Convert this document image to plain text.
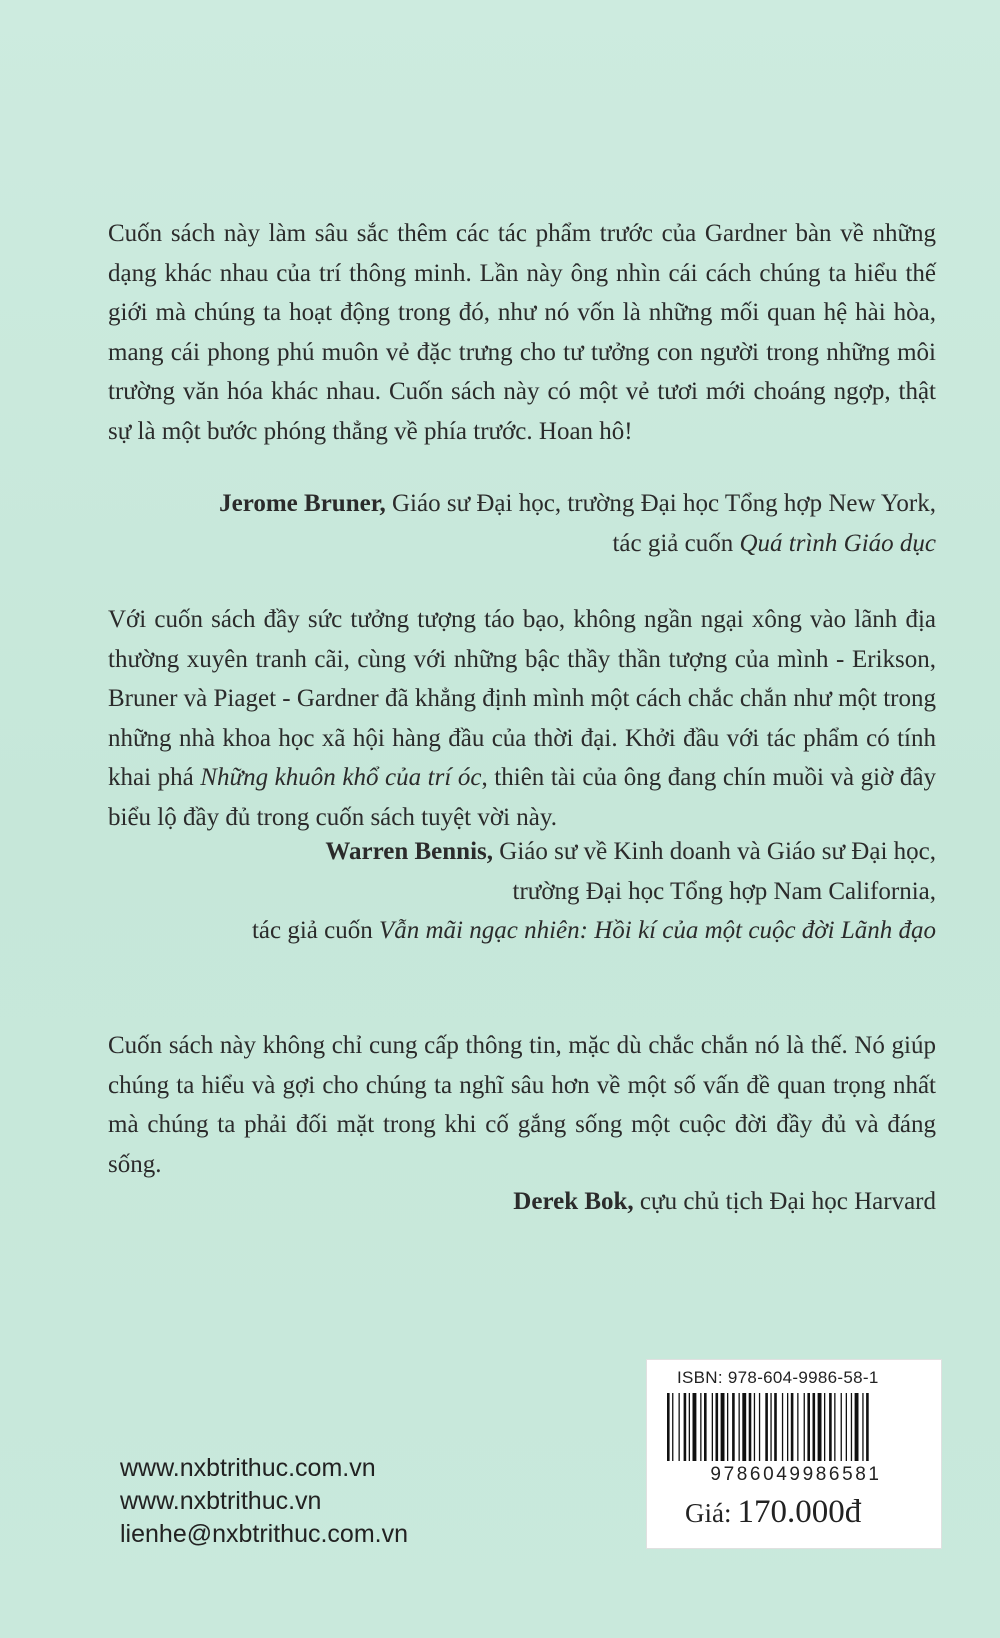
Cuốn sách này làm sâu sắc thêm các tác phẩm trước của Gardner bàn về những dạng khác nhau của trí thông minh. Lần này ông nhìn cái cách chúng ta hiểu thế giới mà chúng ta hoạt động trong đó, như nó vốn là những mối quan hệ hài hòa, mang cái phong phú muôn vẻ đặc trưng cho tư tưởng con người trong những môi trường văn hóa khác nhau. Cuốn sách này có một vẻ tươi mới choáng ngợp, thật sự là một bước phóng thẳng về phía trước. Hoan hô!
Jerome Bruner, Giáo sư Đại học, trường Đại học Tổng hợp New York,
tác giả cuốn Quá trình Giáo dục
Với cuốn sách đầy sức tưởng tượng táo bạo, không ngần ngại xông vào lãnh địa thường xuyên tranh cãi, cùng với những bậc thầy thần tượng của mình - Erikson, Bruner và Piaget - Gardner đã khẳng định mình một cách chắc chắn như một trong những nhà khoa học xã hội hàng đầu của thời đại. Khởi đầu với tác phẩm có tính khai phá Những khuôn khổ của trí óc, thiên tài của ông đang chín muồi và giờ đây biểu lộ đầy đủ trong cuốn sách tuyệt vời này.
Warren Bennis, Giáo sư về Kinh doanh và Giáo sư Đại học,
trường Đại học Tổng hợp Nam California,
tác giả cuốn Vẫn mãi ngạc nhiên: Hồi kí của một cuộc đời Lãnh đạo
Cuốn sách này không chỉ cung cấp thông tin, mặc dù chắc chắn nó là thế. Nó giúp chúng ta hiểu và gợi cho chúng ta nghĩ sâu hơn về một số vấn đề quan trọng nhất mà chúng ta phải đối mặt trong khi cố gắng sống một cuộc đời đầy đủ và đáng sống.
Derek Bok, cựu chủ tịch Đại học Harvard
www.nxbtrithuc.com.vn
www.nxbtrithuc.vn
lienhe@nxbtrithuc.com.vn
ISBN: 978-604-9986-58-1
9786049986581
Giá: 170.000đ
